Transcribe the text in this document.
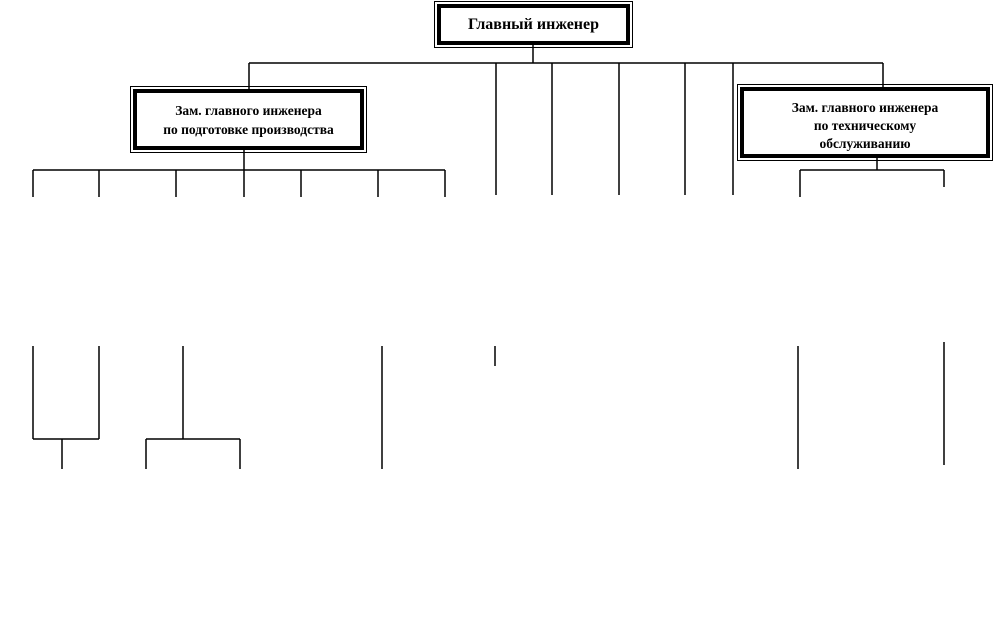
Главный инженер
Зам. главного инженера
по подготовке производства
Зам. главного инженера
по техническому
обслуживанию
